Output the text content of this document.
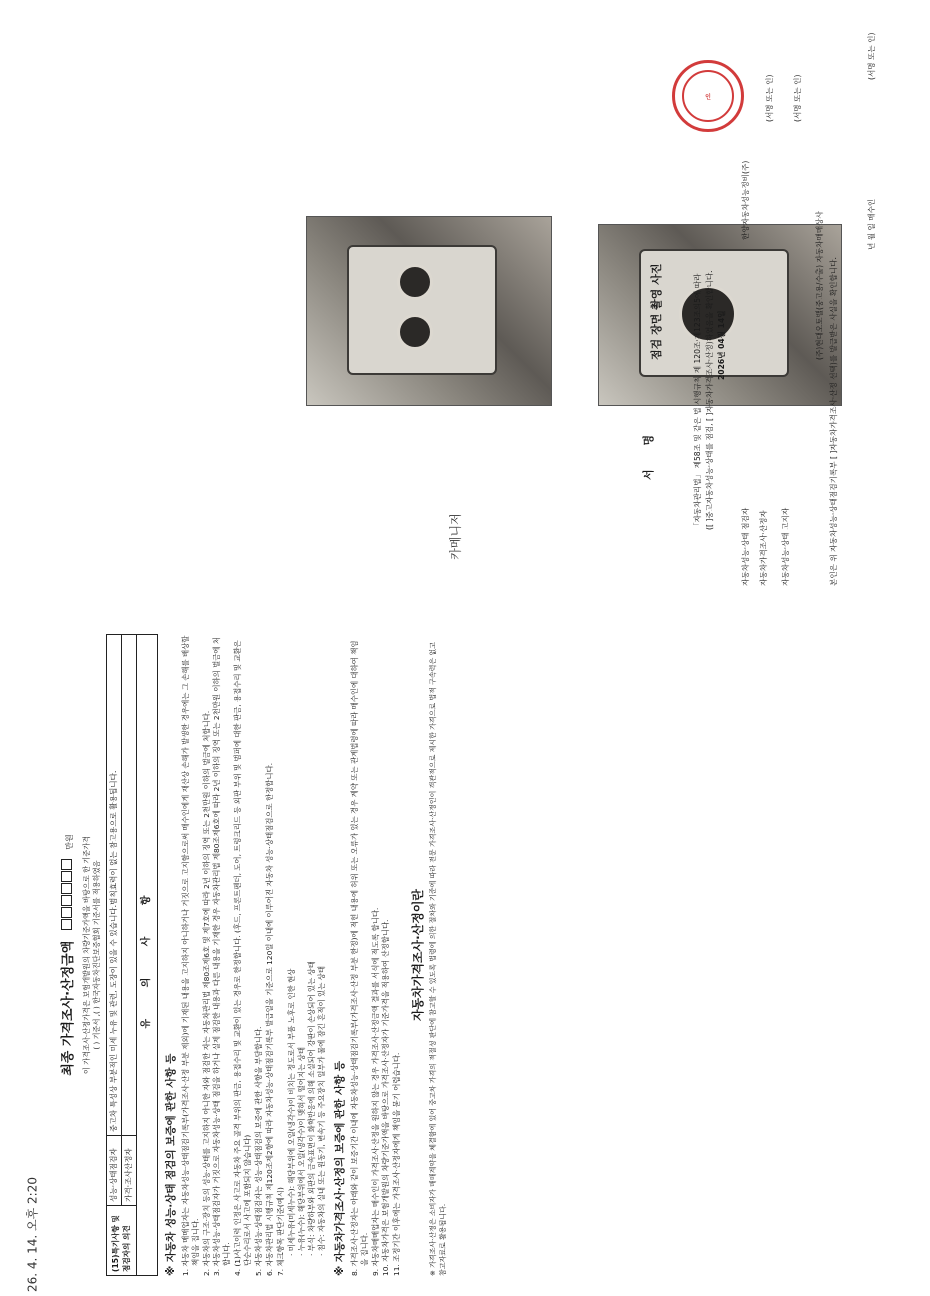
26. 4. 14. 오후 2:20
카메니저
최종 가격조사·산정금액  만원	이 가격조사·산정가격은 보험개발원의 차량기준가액을 바탕으로 한 기준가격 ( ) 기준서 ,( ) 한국자동차진단보증협회 기준서를 적용하였음
(15)특기사항 및 점검자의 의견	성능·상태점검자	중고차 특성상 부분적인 미세 누유 및 관련, 도장이 있을 수 있습니다.범칙효력이 없는 참고용으로 활용됩니다.
	가격·조사산정자	
유 의 사 항
※ 자동차 성능·상태 점검의 보증에 관한 사항 등 1. 자동차 매매업자는 자동차성능·상태점검기록부(가격조사·산정 부분 제외)에 기재된 내용을 고지하지 아니하거나 거짓으로 고지함으로써 매수인에게 재산상 손해가 발생한 경우에는 그 손해를 배상할 책임을 집니다. 2. 자동차의 구조·장치 등의 성능·상태를 고지하지 아니한 자와 점검한 자는 자동차관리법 제80조제6호 및 제7호에 따라 2년 이하의 징역 또는 2천만원 이하의 벌금에 처합니다. 3. 자동차성능·상태점검자가 거짓으로 자동차성능·상태 점검을 하거나 실제 점검한 내용과 다른 내용을 기재한 경우 자동차관리법 제80조제6호에 따라 2년 이하의 징역 또는 2천만원 이하의 벌금에 처합니다. 4. (1)사고이력 인정은 사고로 자동차 주요 골격 부위의 판금, 용접수리 및 교환이 있는 경우로 한정합니다. (후드, 프론트펜더, 도어, 트렁크리드 등 외판 부위 및 범퍼에 대한 판금, 용접수리 및 교환은 단순수리로서 사고에 포함되지 않습니다) 5. 자동차성능·상태점검자는 성능·상태점검의 보증에 관한 사항을 부담합니다. 6. 자동차관리법 시행규칙 제120조제2항에 따라 자동차성능·상태점검기록부 발급일을 기준으로 120일 이내에 이루어진 자동차 성능·상태점검으로 한정합니다. 7. 체크항목 판단기준(예시) · 미세누유(미세누수): 해당부위에 오일(냉각수)이 비치는 정도로서 부품 노후로 인한 현상 · 누유(누수): 해당부위에서 오일(냉각수)이 맺혀서 떨어지는 상태 · 부식: 차량하부와 외판의 금속표면이 화학반응에 의해 소실되어 강판이 손상되어 있는 상태 · 침수: 자동차의 실내 또는 원동기, 변속기 등 주요장치 일부가 물에 잠긴 흔적이 있는 상태 ※ 자동차가격조사·산정의 보증에 관한 사항 등 8. 가격조사·산정자는 아래와 같이 보증기간 이내에 자동차성능·상태점검기록부(가격조사·산정 부분 한정)에 적힌 내용에 허위 또는 오류가 있는 경우 계약 또는 관계법령에 따라 매수인에 대하여 책임을 집니다. 9. 자동차매매업자는 매수인이 가격조사·산정을 원하지 않는 경우 가격조사·산정금액 결과를 서식에 적도록 합니다. 10. 자동차가격은 보험개발원의 차량기준가액을 바탕으로 가격조사·산정자가 기준가격을 적용하여 산정합니다. 11. 조정기간 이후에는 가격조사·산정자에게 책임을 묻기 어렵습니다.
자동차가격조사·산정이란 ※ 가격조사·산정은 소비자가 매매계약을 체결함에 있어 중고차 가격의 적절성 판단에 참고할 수 있도록 법령에 의한 절차와 기준에 따라 전문 가격조사·산정인이 객관적으로 제시한 가격으로 법적 구속력은 없고 참고자료로 활용됩니다.
서 명	「자동차관리법」 제58조 및 같은 법 시행규칙 제 120조·제123조의5에 따라 ([ ]중고자동차성능·상태를 점검, [ ]자동차가격조사·산정)하였음을 확인합니다. 2026년 04월 14일
자동차성능·상태 점검자
한양자동차성능정비(주)
(서명 또는 인)
자동차가격조사·산정자
(서명 또는 인)
자동차성능·상태 고지자
(주)현대오토밸(중고용/수출) 자동차매매상사 본인은 위 자동차성능·상태점검기록부 [ ]자동차가격조사·산정 선택)를 발급받은 사실을 확인합니다.
년 월 일 매수인
(서명 또는 인)
인
점검 장면 촬영 사진
